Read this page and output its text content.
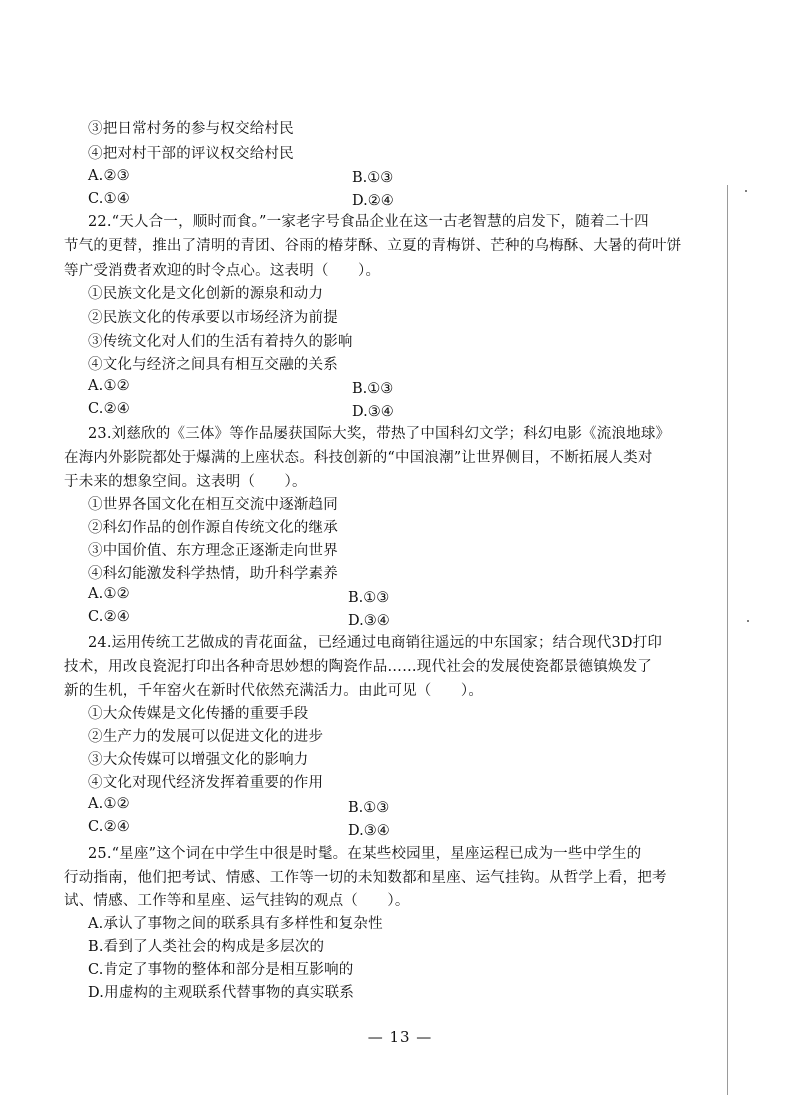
③把日常村务的参与权交给村民
④把对村干部的评议权交给村民
A.②③	B.①③
C.①④	D.②④
22.“天人合一，顺时而食。”一家老字号食品企业在这一古老智慧的启发下，随着二十四
节气的更替，推出了清明的青团、谷雨的椿芽酥、立夏的青梅饼、芒种的乌梅酥、大暑的荷叶饼
等广受消费者欢迎的时令点心。这表明（　　）。
①民族文化是文化创新的源泉和动力
②民族文化的传承要以市场经济为前提
③传统文化对人们的生活有着持久的影响
④文化与经济之间具有相互交融的关系
A.①②	B.①③
C.②④	D.③④
23.刘慈欣的《三体》等作品屡获国际大奖，带热了中国科幻文学；科幻电影《流浪地球》
在海内外影院都处于爆满的上座状态。科技创新的“中国浪潮”让世界侧目，不断拓展人类对
于未来的想象空间。这表明（　　）。
①世界各国文化在相互交流中逐渐趋同
②科幻作品的创作源自传统文化的继承
③中国价值、东方理念正逐渐走向世界
④科幻能激发科学热情，助升科学素养
A.①②	B.①③
C.②④	D.③④
24.运用传统工艺做成的青花面盆，已经通过电商销往遥远的中东国家；结合现代3D打印
技术，用改良瓷泥打印出各种奇思妙想的陶瓷作品……现代社会的发展使瓷都景德镇焕发了
新的生机，千年窑火在新时代依然充满活力。由此可见（　　）。
①大众传媒是文化传播的重要手段
②生产力的发展可以促进文化的进步
③大众传媒可以增强文化的影响力
④文化对现代经济发挥着重要的作用
A.①②	B.①③
C.②④	D.③④
25.“星座”这个词在中学生中很是时髦。在某些校园里，星座运程已成为一些中学生的
行动指南，他们把考试、情感、工作等一切的未知数都和星座、运气挂钩。从哲学上看，把考
试、情感、工作等和星座、运气挂钩的观点（　　）。
A.承认了事物之间的联系具有多样性和复杂性
B.看到了人类社会的构成是多层次的
C.肯定了事物的整体和部分是相互影响的
D.用虚构的主观联系代替事物的真实联系
— 13 —
